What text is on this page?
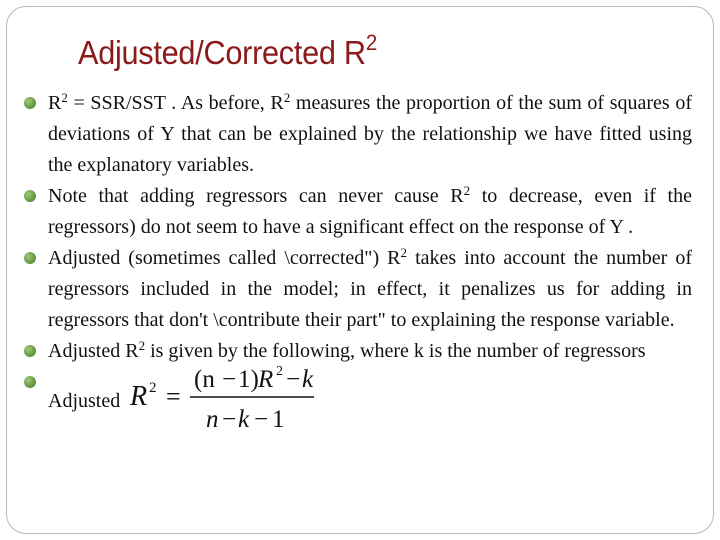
Adjusted/Corrected $R^2$
$R^2 = SSR/SST$ . As before, $R^2$ measures the proportion of the sum of squares of deviations of Y that can be explained by the relationship we have fitted using the explanatory variables.
Note that adding regressors can never cause $R^2$ to decrease, even if the regressors) do not seem to have a significant effect on the response of Y .
Adjusted (sometimes called \corrected") $R^2$ takes into account the number of regressors included in the model; in effect, it penalizes us for adding in regressors that don't \contribute their part" to explaining the response variable.
Adjusted $R^2$ is given by the following, where k is the number of regressors
Adjusted R 2 =
(n − 1) R 2 − k
n − k − 1
